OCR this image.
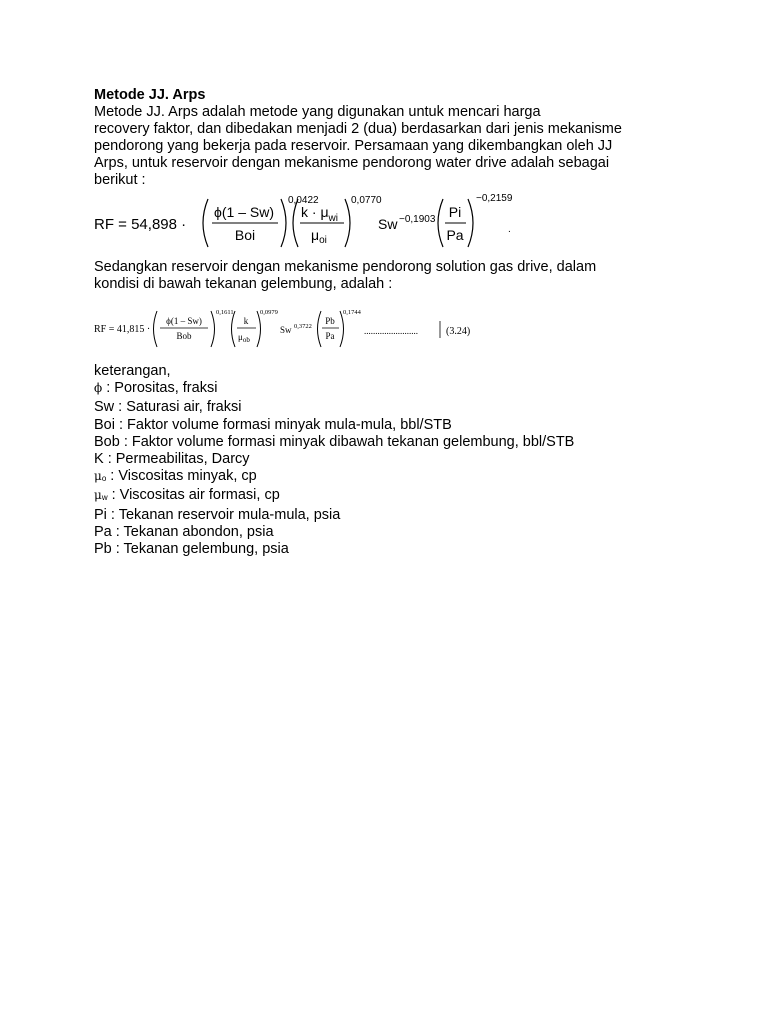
Metode JJ. Arps

Metode JJ. Arps adalah metode yang digunakan untuk mencari harga
recovery faktor, dan dibedakan menjadi 2 (dua) berdasarkan dari jenis mekanisme
pendorong yang bekerja pada reservoir. Persamaan yang dikembangkan oleh JJ
Arps, untuk reservoir dengan mekanisme pendorong water drive adalah sebagai
berikut :

RF = 54,898 ·
ϕ(1 – Sw)
Boi
0,0422
$k \cdot \mu_{wi}$
$\mu_{oi}$
0,0770
Sw −0,1903 Pi
Pa
−0,2159
.

Sedangkan reservoir dengan mekanisme pendorong solution gas drive, dalam
kondisi di bawah tekanan gelembung, adalah :

RF = 41,815 ·
ϕ(1 – Sw)
Bob
0,1611
k
$\mu_{ob}$
0,0979
Sw 0,3722
Pb
Pa
0,1744
........................	(3.24)
keterangan,
ϕ : Porositas, fraksi
Sw : Saturasi air, fraksi
Boi : Faktor volume formasi minyak mula-mula, bbl/STB
Bob : Faktor volume formasi minyak dibawah tekanan gelembung, bbl/STB
K : Permeabilitas, Darcy
μo : Viscositas minyak, cp
μw : Viscositas air formasi, cp
Pi : Tekanan reservoir mula-mula, psia
Pa : Tekanan abondon, psia
Pb : Tekanan gelembung, psia
